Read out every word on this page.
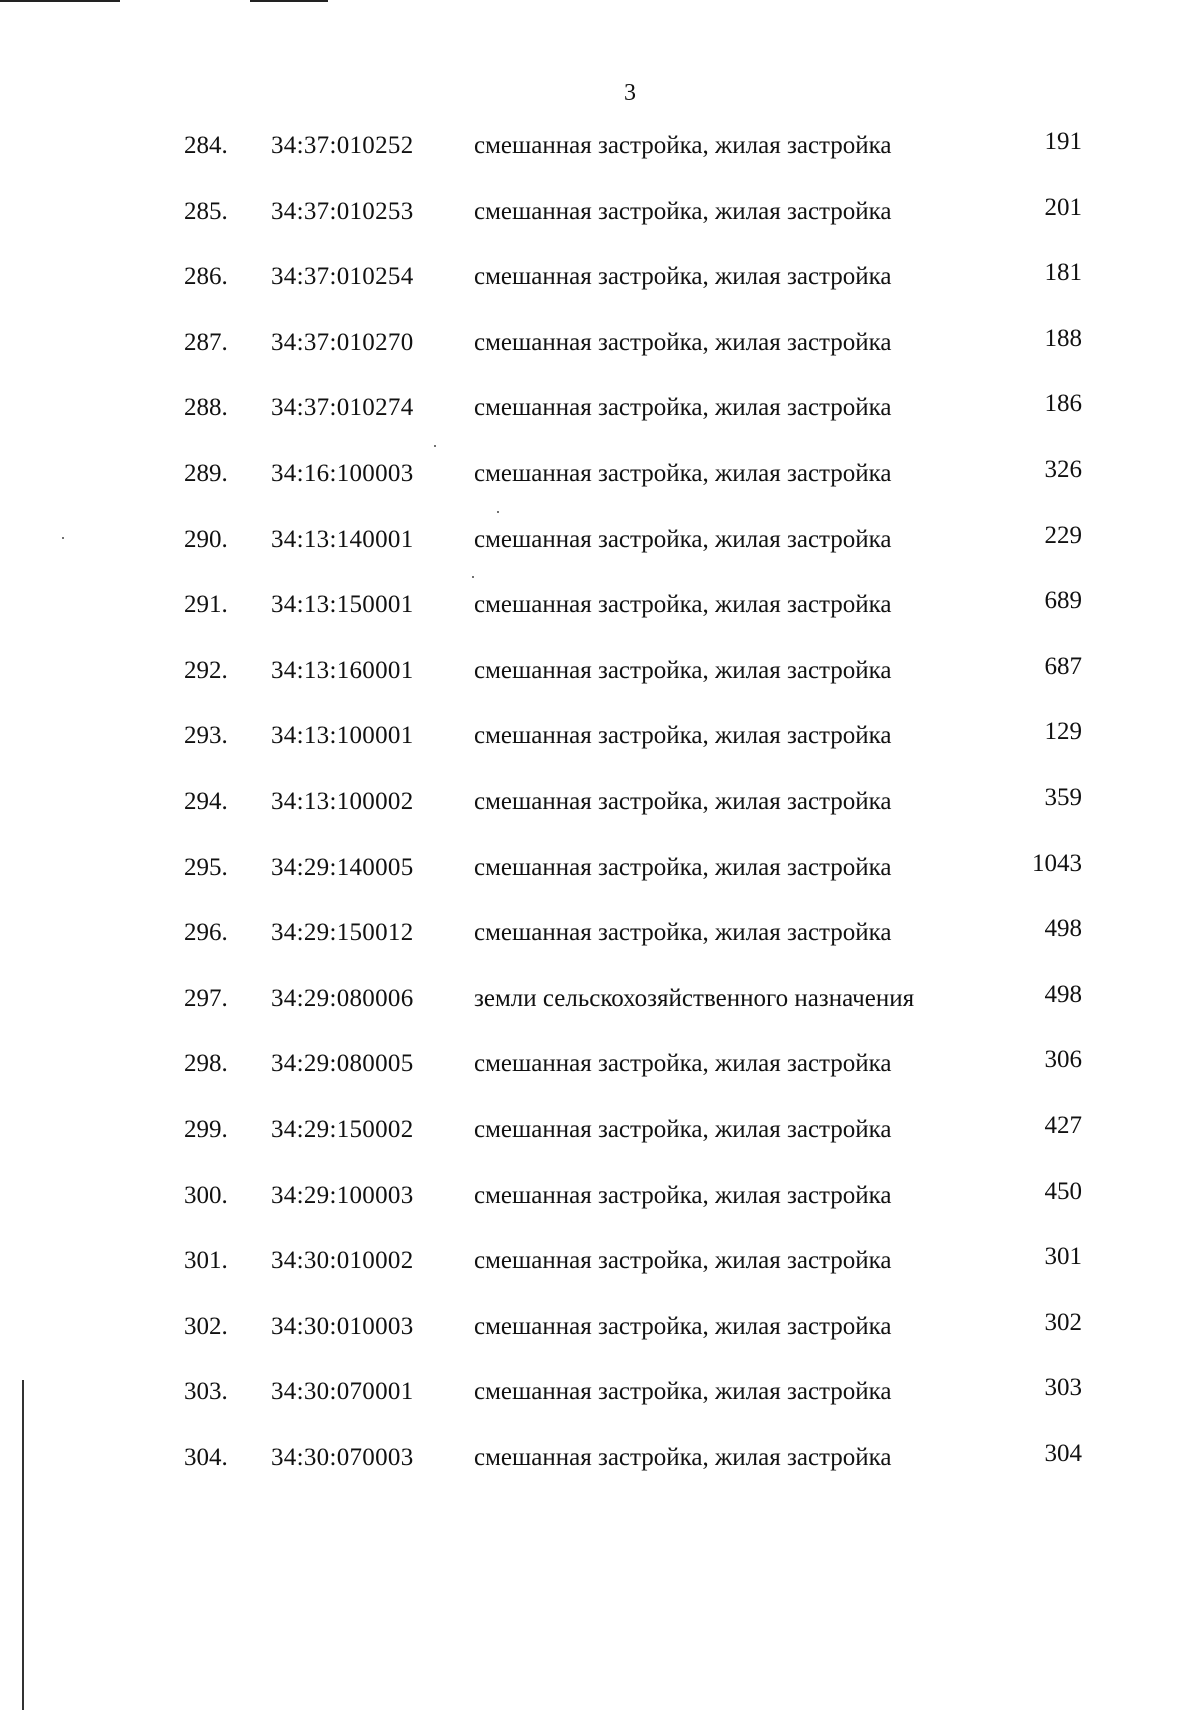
3
284. 34:37:010252 смешанная застройка, жилая застройка	191
285. 34:37:010253 смешанная застройка, жилая застройка	201
286. 34:37:010254 смешанная застройка, жилая застройка	181
287. 34:37:010270 смешанная застройка, жилая застройка	188
288. 34:37:010274 смешанная застройка, жилая застройка	186
289. 34:16:100003 смешанная застройка, жилая застройка	326
290. 34:13:140001 смешанная застройка, жилая застройка	229
291. 34:13:150001 смешанная застройка, жилая застройка	689
292. 34:13:160001 смешанная застройка, жилая застройка	687
293. 34:13:100001 смешанная застройка, жилая застройка	129
294. 34:13:100002 смешанная застройка, жилая застройка	359
295. 34:29:140005 смешанная застройка, жилая застройка	1043
296. 34:29:150012 смешанная застройка, жилая застройка	498
297. 34:29:080006 земли сельскохозяйственного назначения	498
298. 34:29:080005 смешанная застройка, жилая застройка	306
299. 34:29:150002 смешанная застройка, жилая застройка	427
300. 34:29:100003 смешанная застройка, жилая застройка	450
301. 34:30:010002 смешанная застройка, жилая застройка	301
302. 34:30:010003 смешанная застройка, жилая застройка	302
303. 34:30:070001 смешанная застройка, жилая застройка	303
304. 34:30:070003 смешанная застройка, жилая застройка	304
